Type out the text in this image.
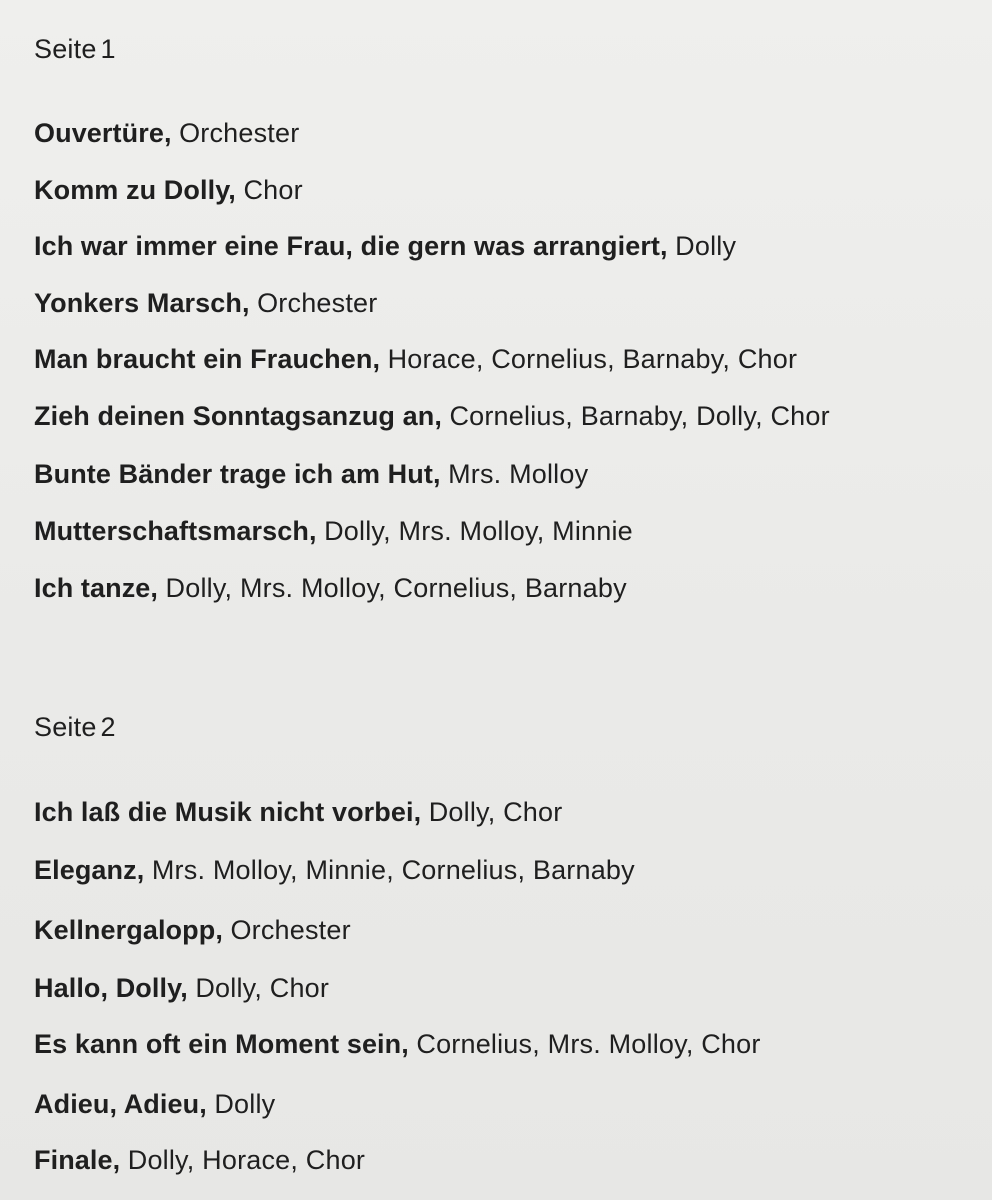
Seite 1
Ouvertüre, Orchester
Komm zu Dolly, Chor
Ich war immer eine Frau, die gern was arrangiert, Dolly
Yonkers Marsch, Orchester
Man braucht ein Frauchen, Horace, Cornelius, Barnaby, Chor
Zieh deinen Sonntagsanzug an, Cornelius, Barnaby, Dolly, Chor
Bunte Bänder trage ich am Hut, Mrs. Molloy
Mutterschaftsmarsch, Dolly, Mrs. Molloy, Minnie
Ich tanze, Dolly, Mrs. Molloy, Cornelius, Barnaby
Seite 2
Ich laß die Musik nicht vorbei, Dolly, Chor
Eleganz, Mrs. Molloy, Minnie, Cornelius, Barnaby
Kellnergalopp, Orchester
Hallo, Dolly, Dolly, Chor
Es kann oft ein Moment sein, Cornelius, Mrs. Molloy, Chor
Adieu, Adieu, Dolly
Finale, Dolly, Horace, Chor
